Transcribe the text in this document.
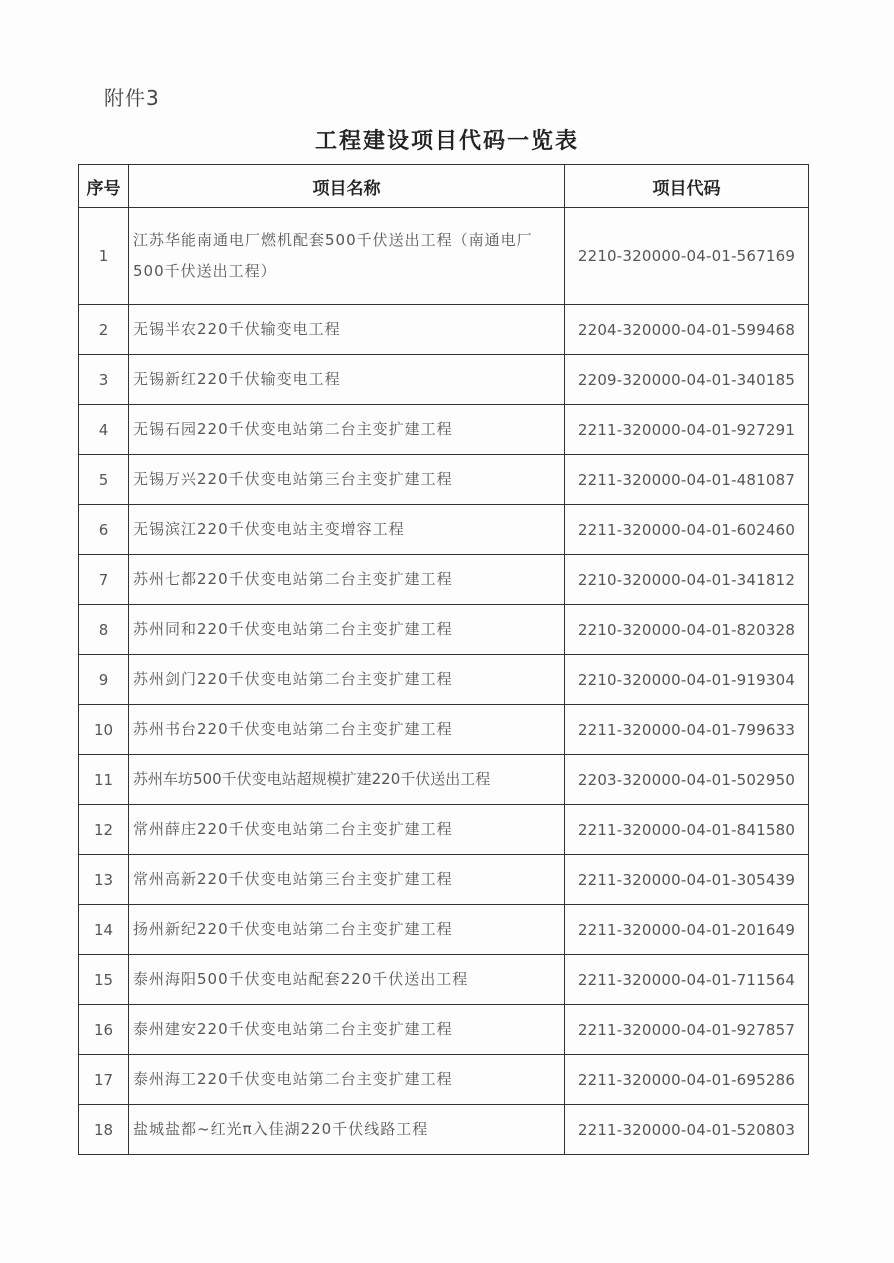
附件3
工程建设项目代码一览表
序号	项目名称	项目代码
1	江苏华能南通电厂燃机配套500千伏送出工程（南通电厂500千伏送出工程）	2210-320000-04-01-567169
2	无锡半农220千伏输变电工程	2204-320000-04-01-599468
3	无锡新红220千伏输变电工程	2209-320000-04-01-340185
4	无锡石园220千伏变电站第二台主变扩建工程	2211-320000-04-01-927291
5	无锡万兴220千伏变电站第三台主变扩建工程	2211-320000-04-01-481087
6	无锡滨江220千伏变电站主变增容工程	2211-320000-04-01-602460
7	苏州七都220千伏变电站第二台主变扩建工程	2210-320000-04-01-341812
8	苏州同和220千伏变电站第二台主变扩建工程	2210-320000-04-01-820328
9	苏州剑门220千伏变电站第二台主变扩建工程	2210-320000-04-01-919304
10	苏州书台220千伏变电站第二台主变扩建工程	2211-320000-04-01-799633
11	苏州车坊500千伏变电站超规模扩建220千伏送出工程	2203-320000-04-01-502950
12	常州薛庄220千伏变电站第二台主变扩建工程	2211-320000-04-01-841580
13	常州高新220千伏变电站第三台主变扩建工程	2211-320000-04-01-305439
14	扬州新纪220千伏变电站第二台主变扩建工程	2211-320000-04-01-201649
15	泰州海阳500千伏变电站配套220千伏送出工程	2211-320000-04-01-711564
16	泰州建安220千伏变电站第二台主变扩建工程	2211-320000-04-01-927857
17	泰州海工220千伏变电站第二台主变扩建工程	2211-320000-04-01-695286
18	盐城盐都~红光π入佳湖220千伏线路工程	2211-320000-04-01-520803
